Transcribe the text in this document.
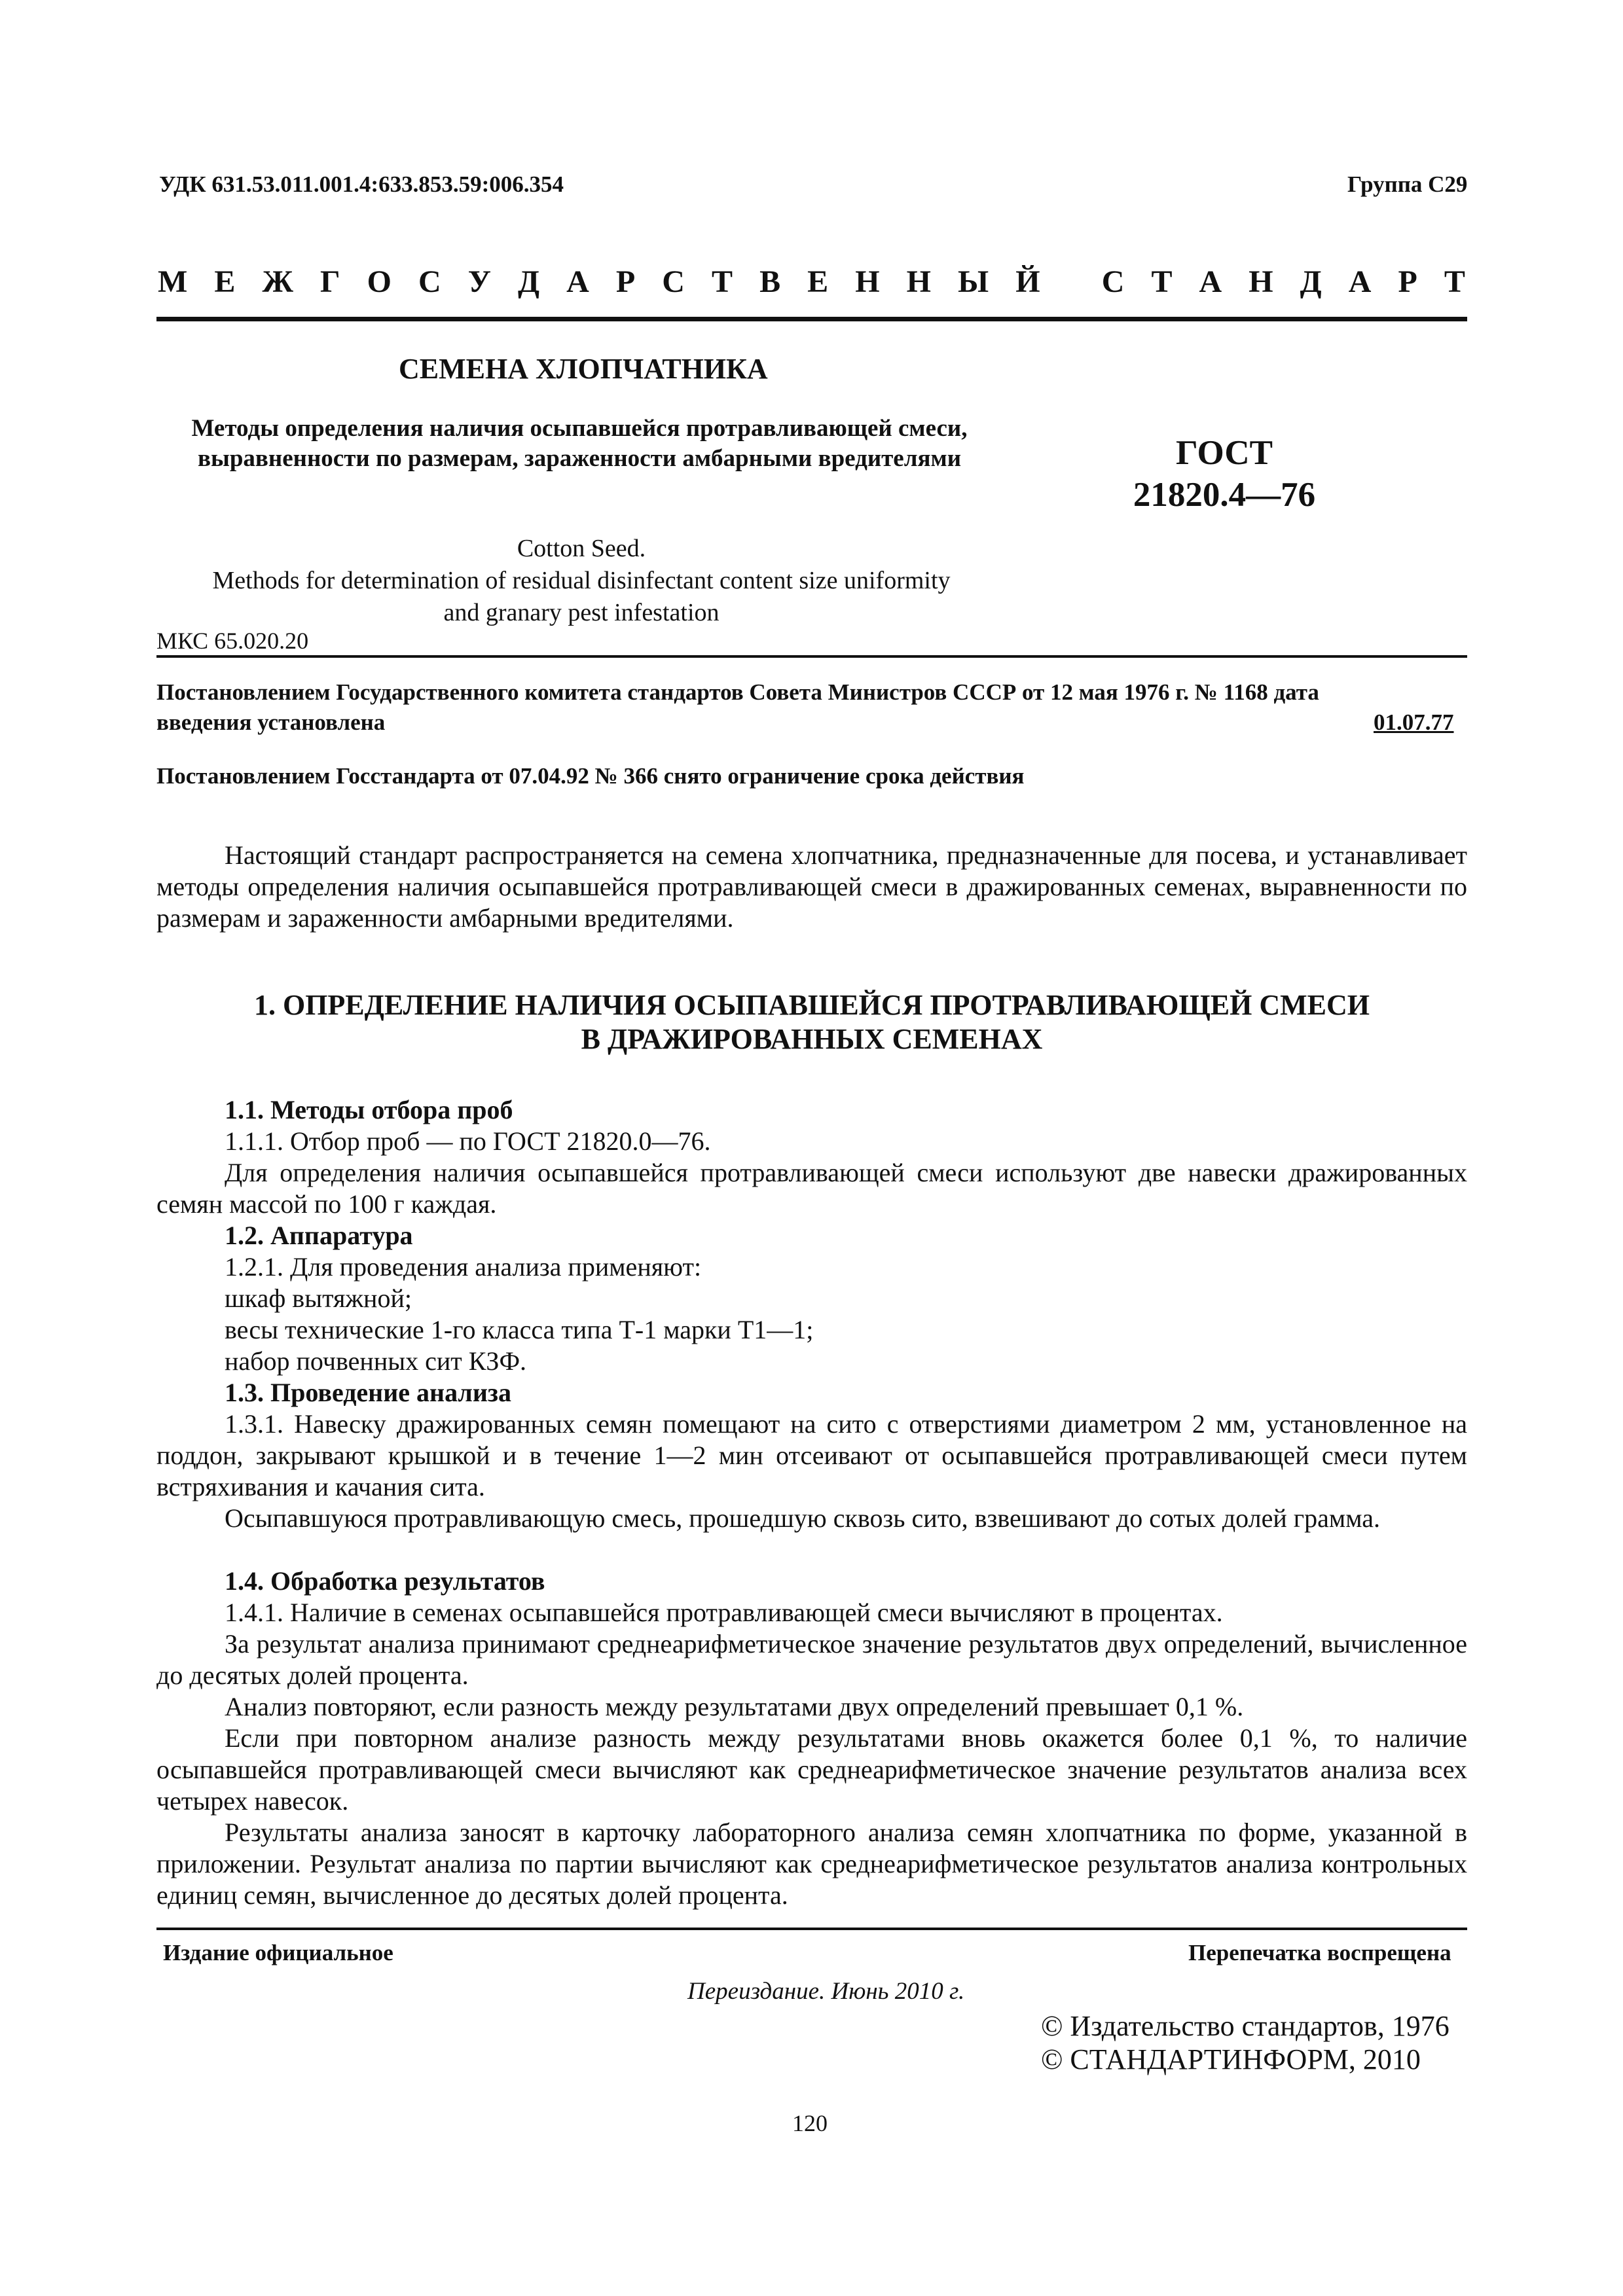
УДК 631.53.011.001.4:633.853.59:006.354	Группа С29
М Е Ж Г О С У Д А Р С Т В Е Н Н Ы Й
С Т А Н Д А Р Т
СЕМЕНА ХЛОПЧАТНИКА
Методы определения наличия осыпавшейся протравливающей смеси, выравненности по размерам, зараженности амбарными вредителями	ГОСТ
21820.4—76
Cotton Seed.
Methods for determination of residual disinfectant content size uniformity
and granary pest infestation
МКС 65.020.20
Постановлением Государственного комитета стандартов Совета Министров СССР от 12 мая 1976 г. № 1168 дата
введения установлена	01.07.77
Постановлением Госстандарта от 07.04.92 № 366 снято ограничение срока действия
Настоящий стандарт распространяется на семена хлопчатника, предназначенные для посева, и устанавливает методы определения наличия осыпавшейся протравливающей смеси в дражированных семенах, выравненности по размерам и зараженности амбарными вредителями.
1. ОПРЕДЕЛЕНИЕ НАЛИЧИЯ ОСЫПАВШЕЙСЯ ПРОТРАВЛИВАЮЩЕЙ СМЕСИ
В ДРАЖИРОВАННЫХ СЕМЕНАХ
1.1. Методы отбора проб
1.1.1. Отбор проб — по ГОСТ 21820.0—76.
Для определения наличия осыпавшейся протравливающей смеси используют две навески дражированных семян массой по 100 г каждая.
1.2. Аппаратура
1.2.1. Для проведения анализа применяют:
шкаф вытяжной;
весы технические 1-го класса типа Т-1 марки Т1—1;
набор почвенных сит КЗФ.
1.3. Проведение анализа
1.3.1. Навеску дражированных семян помещают на сито с отверстиями диаметром 2 мм, установленное на поддон, закрывают крышкой и в течение 1—2 мин отсеивают от осыпавшейся протравливающей смеси путем встряхивания и качания сита.
Осыпавшуюся протравливающую смесь, прошедшую сквозь сито, взвешивают до сотых долей грамма.
1.4. Обработка результатов
1.4.1. Наличие в семенах осыпавшейся протравливающей смеси вычисляют в процентах.
За результат анализа принимают среднеарифметическое значение результатов двух определений, вычисленное до десятых долей процента.
Анализ повторяют, если разность между результатами двух определений превышает 0,1 %.
Если при повторном анализе разность между результатами вновь окажется более 0,1 %, то наличие осыпавшейся протравливающей смеси вычисляют как среднеарифметическое значение результатов анализа всех четырех навесок.
Результаты анализа заносят в карточку лабораторного анализа семян хлопчатника по форме, указанной в приложении. Результат анализа по партии вычисляют как среднеарифметическое результатов анализа контрольных единиц семян, вычисленное до десятых долей процента.
Издание официальное	Перепечатка воспрещена
Переиздание. Июнь 2010 г.
© Издательство стандартов, 1976
© СТАНДАРТИНФОРМ, 2010
120
